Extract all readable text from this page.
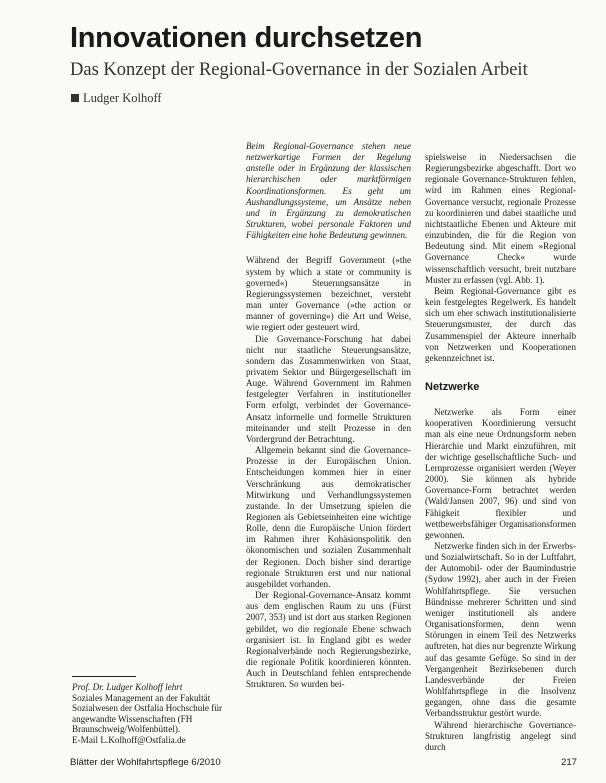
Innovationen durchsetzen
Das Konzept der Regional-Governance in der Sozialen Arbeit
Ludger Kolhoff

Beim Regional-Governance stehen neue netzwerkartige Formen der Regelung anstelle oder in Ergänzung der klassischen hierarchischen oder marktförmigen Koordinationsformen. Es geht um Aushandlungssysteme, um Ansätze neben und in Ergänzung zu demokratischen Strukturen, wobei personale Faktoren und Fähigkeiten eine hohe Bedeutung gewinnen.

Während der Begriff Government (»the system by which a state or community is governed«) Steuerungsansätze in Regierungssystemen bezeichnet, versteht man unter Governance (»the action or manner of governing«) die Art und Weise, wie regiert oder gesteuert wird.

Die Governance-Forschung hat dabei nicht nur staatliche Steuerungsansätze, sondern das Zusammenwirken von Staat, privatem Sektor und Bürgergesellschaft im Auge. Während Government im Rahmen festgelegter Verfahren in institutioneller Form erfolgt, verbindet der Governance-Ansatz informelle und formelle Strukturen miteinander und stellt Prozesse in den Vordergrund der Betrachtung.

Allgemein bekannt sind die Governance-Prozesse in der Europäischen Union. Entscheidungen kommen hier in einer Verschränkung aus demokratischer Mitwirkung und Verhandlungssystemen zustande. In der Umsetzung spielen die Regionen als Gebietseinheiten eine wichtige Rolle, denn die Europäische Union fördert im Rahmen ihrer Kohäsionspolitik den ökonomischen und sozialen Zusammenhalt der Regionen. Doch bisher sind derartige regionale Strukturen erst und nur national ausgebildet vorhanden.

Der Regional-Governance-Ansatz kommt aus dem englischen Raum zu uns (Fürst 2007, 353) und ist dort aus starken Regionen gebildet, wo die regionale Ebene schwach organisiert ist. In England gibt es weder Regionalverbände noch Regierungsbezirke, die regionale Politik koordinieren könnten. Auch in Deutschland fehlen entsprechende Strukturen. So wurden bei-

spielsweise in Niedersachsen die Regierungsbezirke abgeschafft. Dort wo regionale Governance-Strukturen fehlen, wird im Rahmen eines Regional-Governance versucht, regionale Prozesse zu koordinieren und dabei staatliche und nichtstaatliche Ebenen und Akteure mit einzubinden, die für die Region von Bedeutung sind. Mit einem »Regional Governance Check« wurde wissenschaftlich versucht, breit nutzbare Muster zu erfassen (vgl. Abb. 1).

Beim Regional-Governance gibt es kein festgelegtes Regelwerk. Es handelt sich um eher schwach institutionalisierte Steuerungsmuster, der durch das Zusammenspiel der Akteure innerhalb von Netzwerken und Kooperationen gekennzeichnet ist.

Netzwerke

Netzwerke als Form einer kooperativen Koordinierung versucht man als eine neue Ordnungsform neben Hierarchie und Markt einzuführen, mit der wichtige gesellschaftliche Such- und Lernprozesse organisiert werden (Weyer 2000). Sie können als hybride Governance-Form betrachtet werden (Wald/Jansen 2007, 96) und sind von Fähigkeit flexibler und wettbewerbsfähiger Organisationsformen gewonnen.

Netzwerke finden sich in der Erwerbs- und Sozialwirtschaft. So in der Luftfahrt, der Automobil- oder der Baumindustrie (Sydow 1992), aber auch in der Freien Wohlfahrtspflege. Sie versuchen Bündnisse mehrerer Schritten und sind weniger institutionell als andere Organisationsformen, denn wenn Störungen in einem Teil des Netzwerks auftreten, hat dies nur begrenzte Wirkung auf das gesamte Gefüge. So sind in der Vergangenheit Bezirksebenen durch Landesverbände der Freien Wohlfahrtspflege in die Insolvenz gegangen, ohne dass die gesamte Verbandsstruktur gestört wurde.

Während hierarchische Governance-Strukturen langfristig angelegt sind durch

Prof. Dr. Ludger Kolhoff lehrt
Soziales Management an der Fakultät Sozialwesen der Ostfalia Hochschule für angewandte Wissenschaften (FH Braunschweig/Wolfenbüttel).
E-Mail L.Kolhoff@Ostfalia.de
Blätter der Wohlfahrtspflege 6/2010	217
